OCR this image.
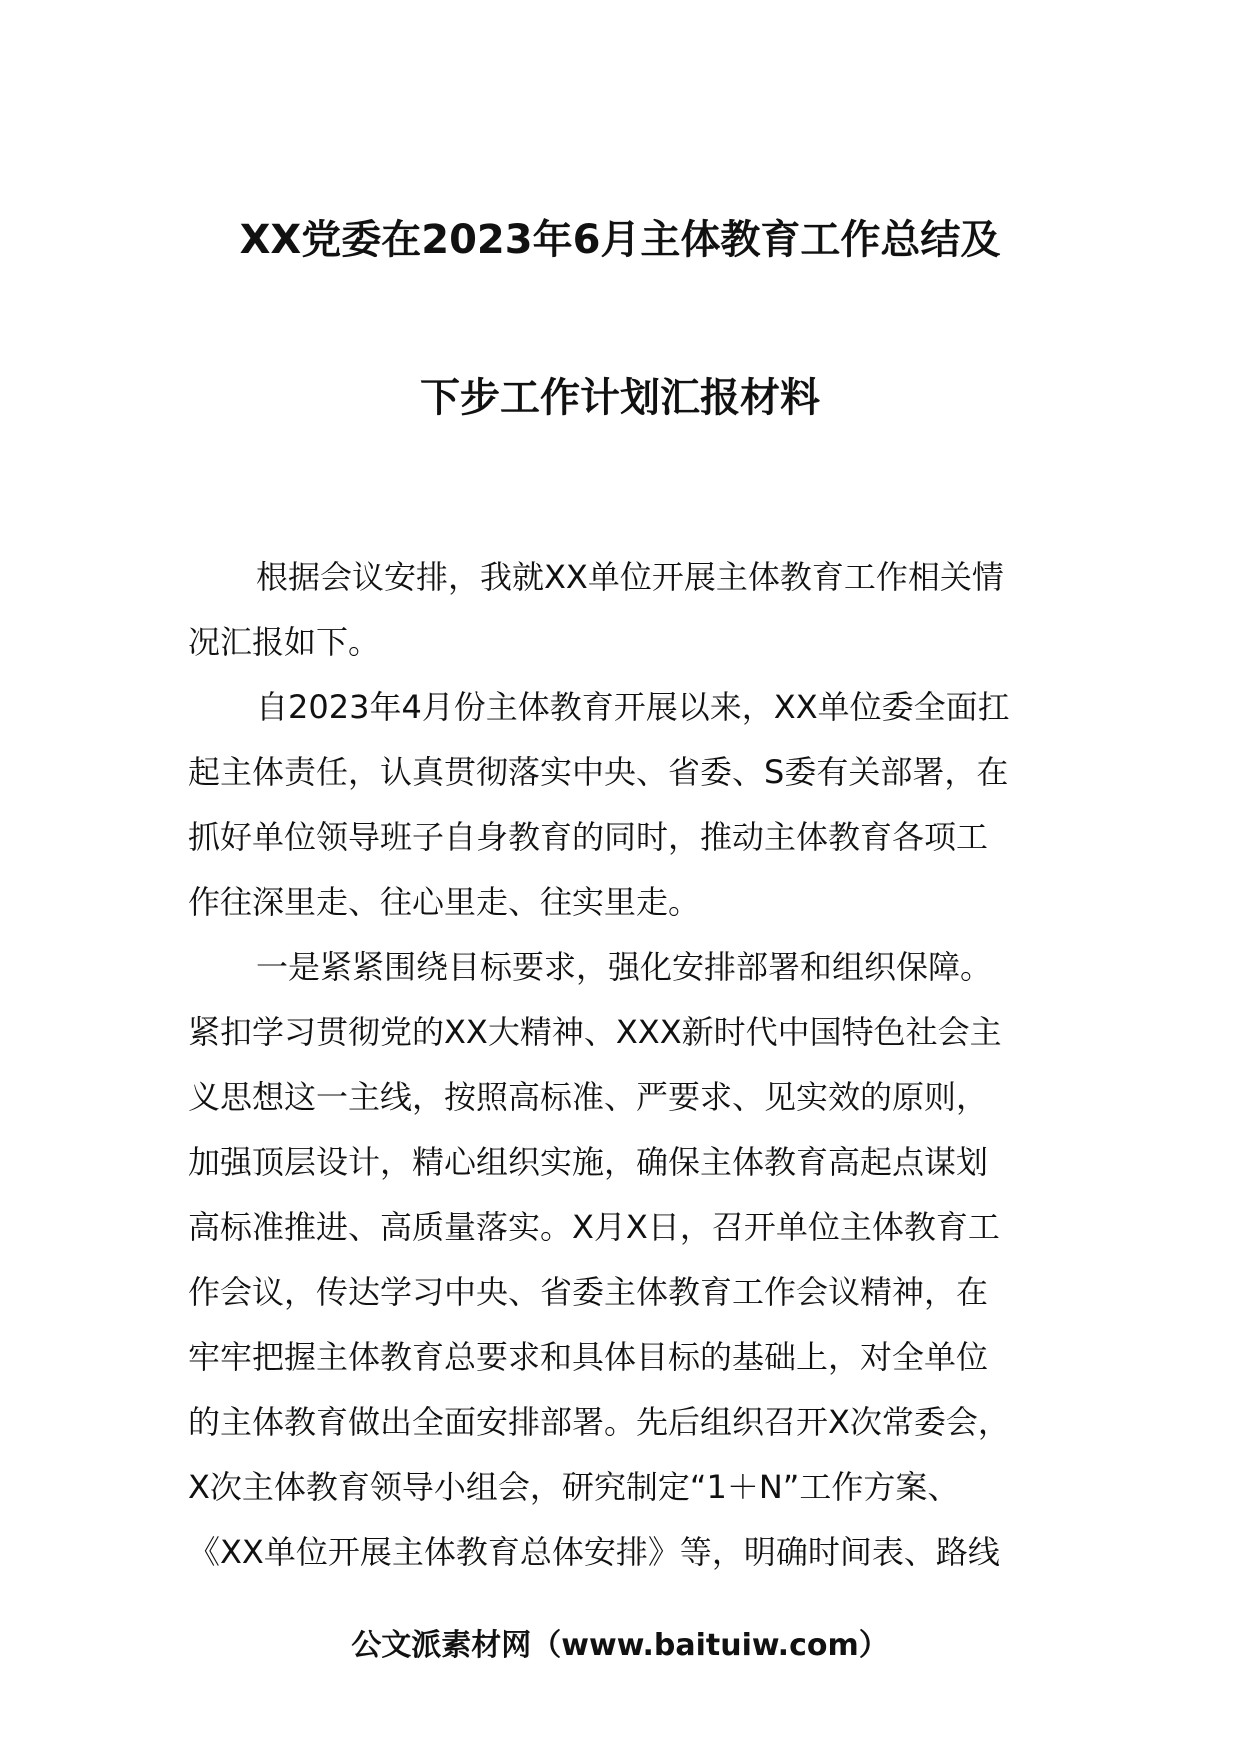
XX党委在2023年6月主体教育工作总结及
下步工作计划汇报材料
根据会议安排，我就XX单位开展主体教育工作相关情
况汇报如下。
自2023年4月份主体教育开展以来，XX单位委全面扛
起主体责任，认真贯彻落实中央、省委、S委有关部署，在
抓好单位领导班子自身教育的同时，推动主体教育各项工
作往深里走、往心里走、往实里走。
一是紧紧围绕目标要求，强化安排部署和组织保障。
紧扣学习贯彻党的XX大精神、XXX新时代中国特色社会主
义思想这一主线，按照高标准、严要求、见实效的原则，
加强顶层设计，精心组织实施，确保主体教育高起点谋划
高标准推进、高质量落实。X月X日，召开单位主体教育工
作会议，传达学习中央、省委主体教育工作会议精神，在
牢牢把握主体教育总要求和具体目标的基础上，对全单位
的主体教育做出全面安排部署。先后组织召开X次常委会，
X次主体教育领导小组会，研究制定“1＋N”工作方案、
《XX单位开展主体教育总体安排》等，明确时间表、路线
公文派素材网（www.baituiw.com）
